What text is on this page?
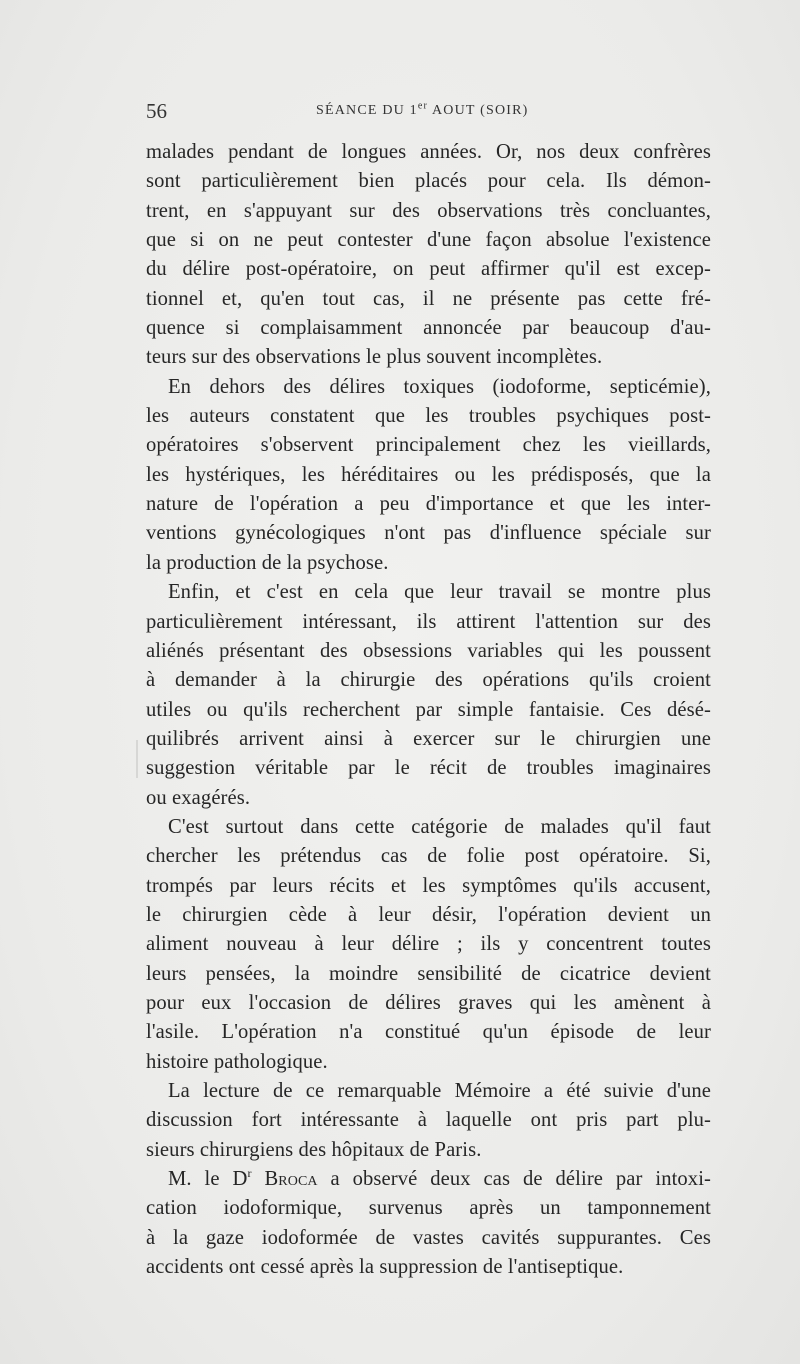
56	SÉANCE DU 1er AOUT (SOIR)
malades pendant de longues années. Or, nos deux confrères
sont particulièrement bien placés pour cela. Ils démon-
trent, en s'appuyant sur des observations très concluantes,
que si on ne peut contester d'une façon absolue l'existence
du délire post-opératoire, on peut affirmer qu'il est excep-
tionnel et, qu'en tout cas, il ne présente pas cette fré-
quence si complaisamment annoncée par beaucoup d'au-
teurs sur des observations le plus souvent incomplètes.
En dehors des délires toxiques (iodoforme, septicémie),
les auteurs constatent que les troubles psychiques post-
opératoires s'observent principalement chez les vieillards,
les hystériques, les héréditaires ou les prédisposés, que la
nature de l'opération a peu d'importance et que les inter-
ventions gynécologiques n'ont pas d'influence spéciale sur
la production de la psychose.
Enfin, et c'est en cela que leur travail se montre plus
particulièrement intéressant, ils attirent l'attention sur des
aliénés présentant des obsessions variables qui les poussent
à demander à la chirurgie des opérations qu'ils croient
utiles ou qu'ils recherchent par simple fantaisie. Ces désé-
quilibrés arrivent ainsi à exercer sur le chirurgien une
suggestion véritable par le récit de troubles imaginaires
ou exagérés.
C'est surtout dans cette catégorie de malades qu'il faut
chercher les prétendus cas de folie post opératoire. Si,
trompés par leurs récits et les symptômes qu'ils accusent,
le chirurgien cède à leur désir, l'opération devient un
aliment nouveau à leur délire ; ils y concentrent toutes
leurs pensées, la moindre sensibilité de cicatrice devient
pour eux l'occasion de délires graves qui les amènent à
l'asile. L'opération n'a constitué qu'un épisode de leur
histoire pathologique.
La lecture de ce remarquable Mémoire a été suivie d'une
discussion fort intéressante à laquelle ont pris part plu-
sieurs chirurgiens des hôpitaux de Paris.
M. le $D^r$ Broca a observé deux cas de délire par intoxi-
cation iodoformique, survenus après un tamponnement
à la gaze iodoformée de vastes cavités suppurantes. Ces
accidents ont cessé après la suppression de l'antiseptique.
